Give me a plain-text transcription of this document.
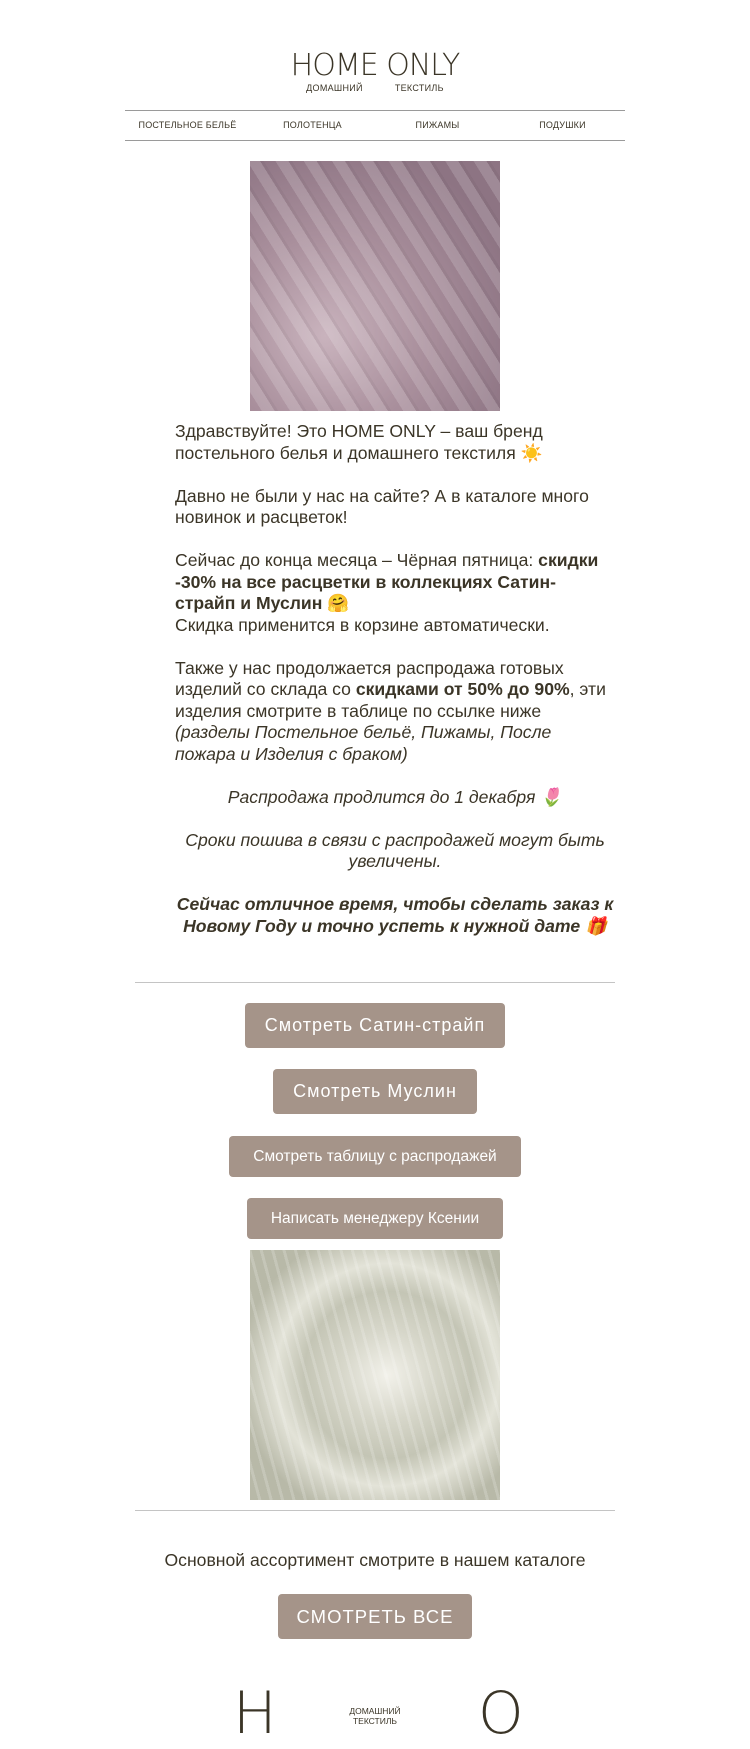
HOME ONLY
ДОМАШНИЙ	ТЕКСТИЛЬ
ПОСТЕЛЬНОЕ БЕЛЬЁ	ПОЛОТЕНЦА	ПИЖАМЫ	ПОДУШКИ

Здравствуйте! Это HOME ONLY – ваш бренд постельного белья и домашнего текстиля ☀️

Давно не были у нас на сайте? А в каталоге много новинок и расцветок!

Сейчас до конца месяца – Чёрная пятница: скидки -30% на все расцветки в коллекциях Сатин-страйп и Муслин 🤗
Скидка применится в корзине автоматически.

Также у нас продолжается распродажа готовых изделий со склада со скидками от 50% до 90%, эти изделия смотрите в таблице по ссылке ниже
(разделы Постельное бельё, Пижамы, После пожара и Изделия с браком)

Распродажа продлится до 1 декабря 🌷

Сроки пошива в связи с распродажей могут быть увеличены.

Сейчас отличное время, чтобы сделать заказ к Новому Году и точно успеть к нужной дате 🎁

Смотреть Сатин-страйп
Смотреть Муслин
Смотреть таблицу с распродажей
Написать менеджеру Ксении
Основной ассортимент смотрите в нашем каталоге
СМОТРЕТЬ ВСЕ
H	ДОМАШНИЙ
ТЕКСТИЛЬ	O
